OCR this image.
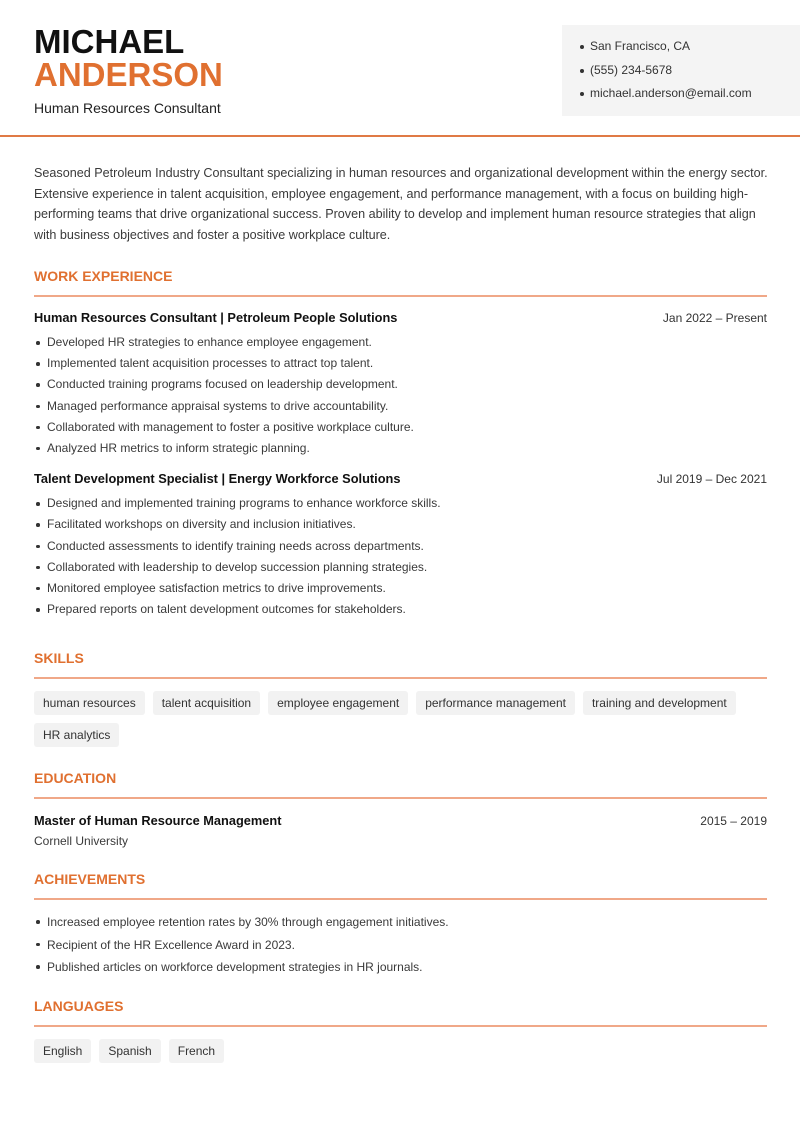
MICHAEL
ANDERSON
Human Resources Consultant
San Francisco, CA
(555) 234-5678
michael.anderson@email.com

Seasoned Petroleum Industry Consultant specializing in human resources and organizational development within the energy sector. Extensive experience in talent acquisition, employee engagement, and performance management, with a focus on building high-performing teams that drive organizational success. Proven ability to develop and implement human resource strategies that align with business objectives and foster a positive workplace culture.

WORK EXPERIENCE
Human Resources Consultant | Petroleum People Solutions	Jan 2022 – Present
Developed HR strategies to enhance employee engagement.
Implemented talent acquisition processes to attract top talent.
Conducted training programs focused on leadership development.
Managed performance appraisal systems to drive accountability.
Collaborated with management to foster a positive workplace culture.
Analyzed HR metrics to inform strategic planning.
Talent Development Specialist | Energy Workforce Solutions	Jul 2019 – Dec 2021
Designed and implemented training programs to enhance workforce skills.
Facilitated workshops on diversity and inclusion initiatives.
Conducted assessments to identify training needs across departments.
Collaborated with leadership to develop succession planning strategies.
Monitored employee satisfaction metrics to drive improvements.
Prepared reports on talent development outcomes for stakeholders.
SKILLS
human resources	talent acquisition	employee engagement	performance management	training and development
HR analytics
EDUCATION
Master of Human Resource Management	2015 – 2019
Cornell University
ACHIEVEMENTS
Increased employee retention rates by 30% through engagement initiatives.
Recipient of the HR Excellence Award in 2023.
Published articles on workforce development strategies in HR journals.
LANGUAGES
English	Spanish	French
